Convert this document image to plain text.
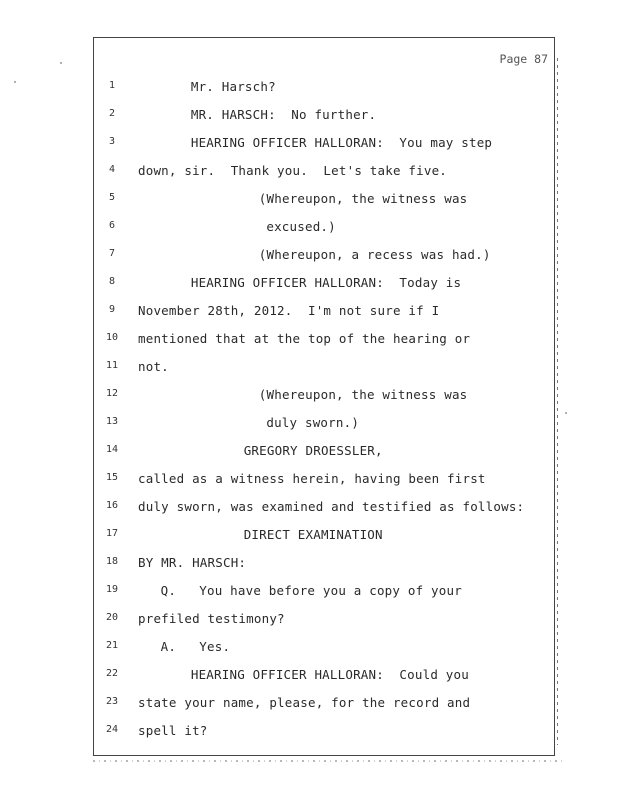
Page 87
1	Mr. Harsch?
2	MR. HARSCH:  No further.
3	HEARING OFFICER HALLORAN:  You may step
4	down, sir.  Thank you.  Let's take five.
5	(Whereupon, the witness was
6	excused.)
7	(Whereupon, a recess was had.)
8	HEARING OFFICER HALLORAN:  Today is
9	November 28th, 2012.  I'm not sure if I
10	mentioned that at the top of the hearing or
11	not.
12	(Whereupon, the witness was
13	duly sworn.)
14	GREGORY DROESSLER,
15	called as a witness herein, having been first
16	duly sworn, was examined and testified as follows:
17	DIRECT EXAMINATION
18	BY MR. HARSCH:
19	Q.   You have before you a copy of your
20	prefiled testimony?
21	A.   Yes.
22	HEARING OFFICER HALLORAN:  Could you
23	state your name, please, for the record and
24	spell it?
